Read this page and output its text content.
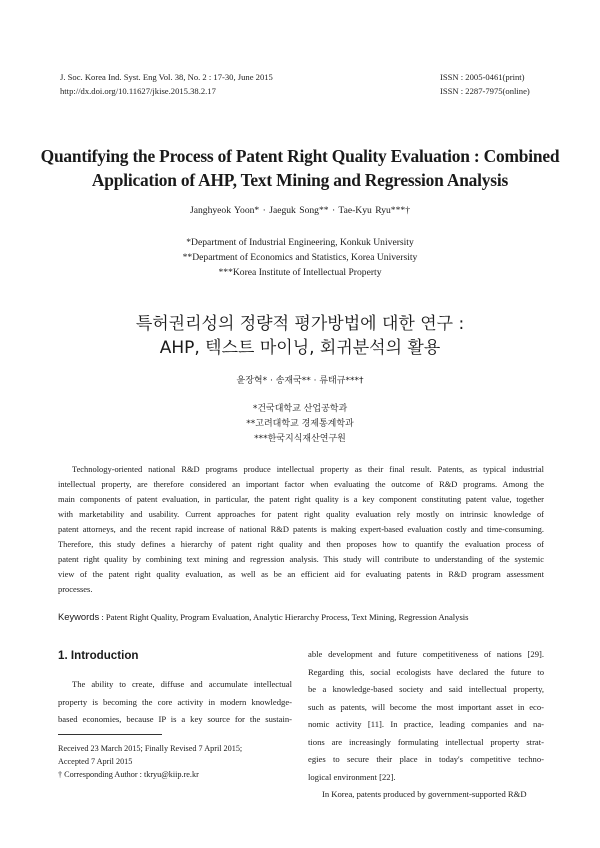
J. Soc. Korea Ind. Syst. Eng Vol. 38, No. 2 : 17-30, June 2015
http://dx.doi.org/10.11627/jkise.2015.38.2.17
ISSN : 2005-0461(print)
ISSN : 2287-7975(online)
Quantifying the Process of Patent Right Quality Evaluation : Combined
Application of AHP, Text Mining and Regression Analysis
Janghyeok Yoon* · Jaeguk Song** · Tae-Kyu Ryu***†
*Department of Industrial Engineering, Konkuk University
**Department of Economics and Statistics, Korea University
***Korea Institute of Intellectual Property
특허권리성의 정량적 평가방법에 대한 연구 :
AHP, 텍스트 마이닝, 회귀분석의 활용
윤장혁* · 송재국** · 류태규***†
*건국대학교 산업공학과
**고려대학교 경제통계학과
***한국지식재산연구원
Technology-oriented national R&D programs produce intellectual property as their final result. Patents, as typical industrial
intellectual property, are therefore considered an important factor when evaluating the outcome of R&D programs. Among the
main components of patent evaluation, in particular, the patent right quality is a key component constituting patent value, together
with marketability and usability. Current approaches for patent right quality evaluation rely mostly on intrinsic knowledge of
patent attorneys, and the recent rapid increase of national R&D patents is making expert-based evaluation costly and time-consuming.
Therefore, this study defines a hierarchy of patent right quality and then proposes how to quantify the evaluation process of
patent right quality by combining text mining and regression analysis. This study will contribute to understanding of the systemic
view of the patent right quality evaluation, as well as be an efficient aid for evaluating patents in R&D program assessment
processes.
Keywords : Patent Right Quality, Program Evaluation, Analytic Hierarchy Process, Text Mining, Regression Analysis
1. Introduction
The ability to create, diffuse and accumulate intellectual
property is becoming the core activity in modern knowledge-
based economies, because IP is a key source for the sustain-
Received 23 March 2015; Finally Revised 7 April 2015;
Accepted 7 April 2015
† Corresponding Author : tkryu@kiip.re.kr
able development and future competitiveness of nations [29].
Regarding this, social ecologists have declared the future to
be a knowledge-based society and said intellectual property,
such as patents, will become the most important asset in eco-
nomic activity [11]. In practice, leading companies and na-
tions are increasingly formulating intellectual property strat-
egies to secure their place in today's competitive techno-
logical environment [22].
In Korea, patents produced by government-supported R&D
